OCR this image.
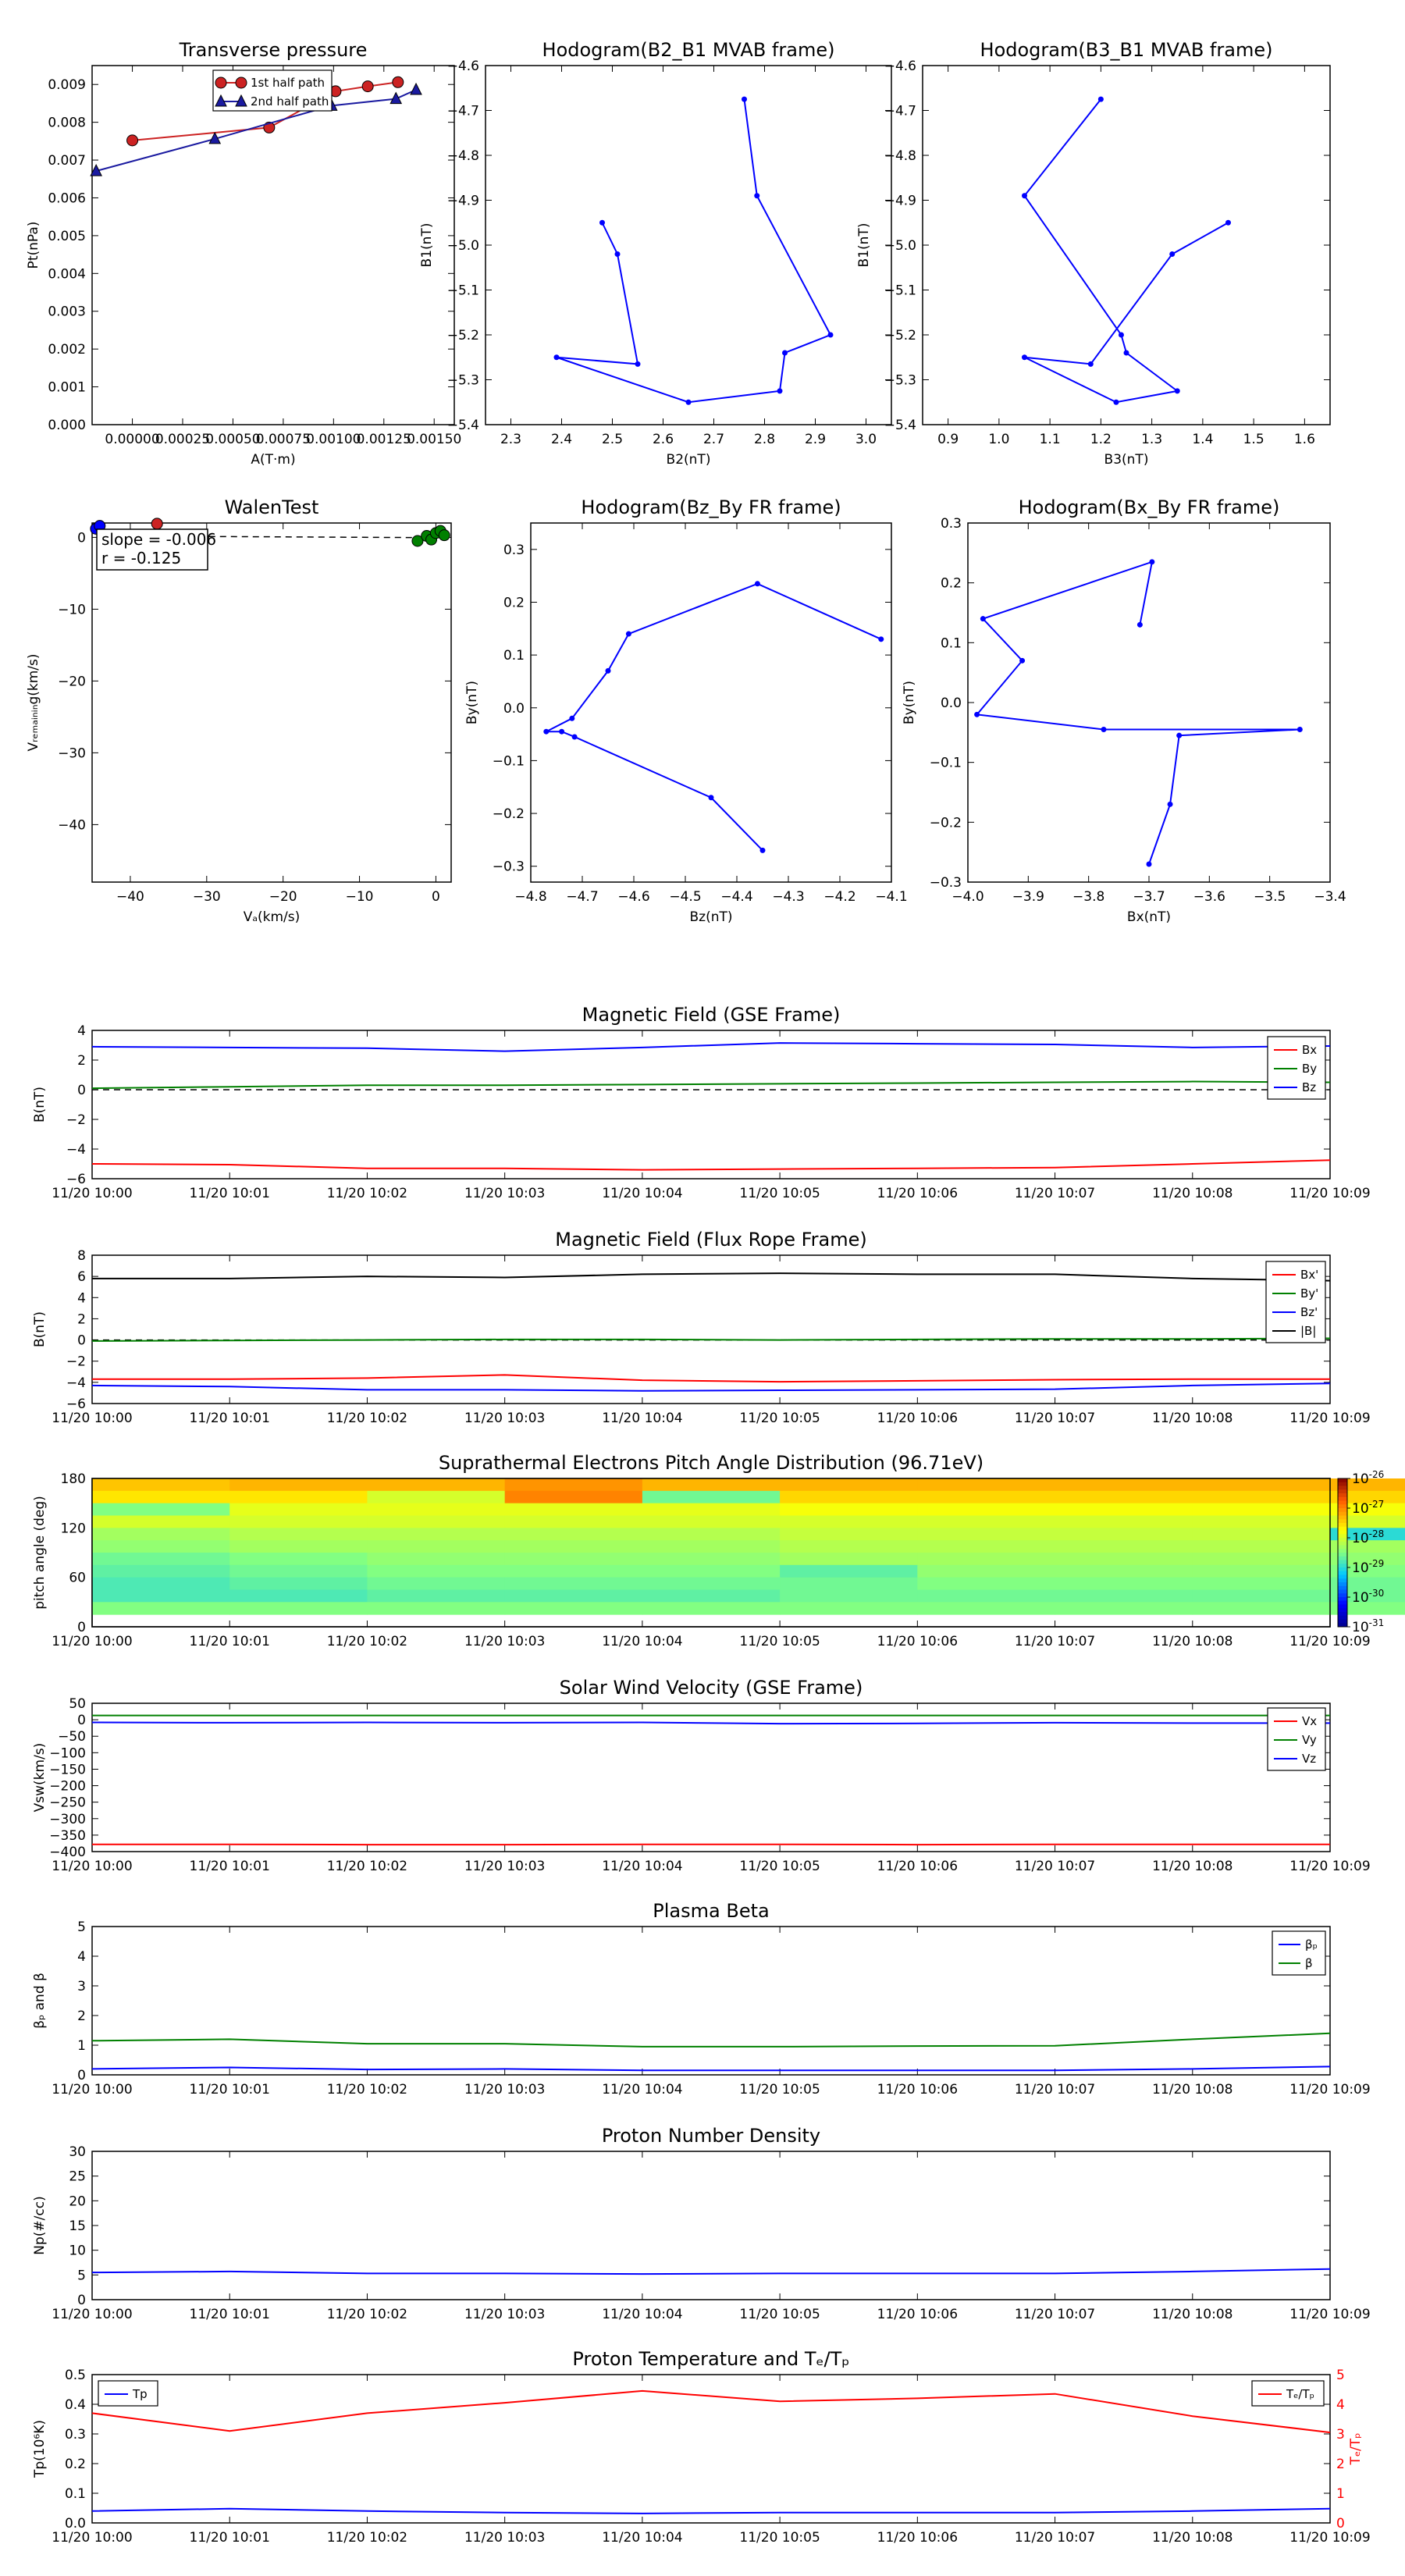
Transverse pressure
A(T·m)
Pt(nPa)
0.000
0.001
0.002
0.003
0.004
0.005
0.006
0.007
0.008
0.009
0.00000
0.00025
0.00050
0.00075
0.00100
0.00125
0.00150
1st half path
2nd half path
Hodogram(B2_B1 MVAB frame)
B2(nT)
B1(nT)
−4.6
−4.7
−4.8
−4.9
−5.0
−5.1
−5.2
−5.3
−5.4
2.3 2.4 2.5 2.6 2.7 2.8 2.9 3.0
Hodogram(B3_B1 MVAB frame)
B3(nT)
B1(nT)
−4.6
−4.7
−4.8
−4.9
−5.0
−5.1
−5.2
−5.3
−5.4
0.9 1.0 1.1 1.2 1.3 1.4 1.5 1.6
WalenTest
Vₐ(km/s)
Vᵣₑₘₐᵢₙᵢₙg(km/s)
0
−10
−20
−30
−40
−40	−30	−20	−10	0
slope = -0.006
r = -0.125
Hodogram(Bz_By FR frame)
Bz(nT)
By(nT)
0.3
0.2
0.1
0.0
−0.1
−0.2
−0.3
−4.8 −4.7 −4.6 −4.5 −4.4 −4.3 −4.2 −4.1
Hodogram(Bx_By FR frame)
Bx(nT)
By(nT)
0.3
0.2
0.1
0.0
−0.1
−0.2
−0.3
−4.0 −3.9 −3.8 −3.7 −3.6 −3.5 −3.4
Magnetic Field (GSE Frame)
B(nT)
4
2
0
−2
−4
−6
11/20 10:00	11/20 10:01	11/20 10:02	11/20 10:03	11/20 10:04	11/20 10:05	11/20 10:06	11/20 10:07	11/20 10:08	11/20 10:09
Bx
By
Bz
Magnetic Field (Flux Rope Frame)
B(nT)
8
6
4
2
0
−2
−4
−6
11/20 10:00	11/20 10:01	11/20 10:02	11/20 10:03	11/20 10:04	11/20 10:05	11/20 10:06	11/20 10:07	11/20 10:08	11/20 10:09
Bx'
By'
Bz'
|B|
Suprathermal Electrons Pitch Angle Distribution (96.71eV)
pitch angle (deg)
180
120
60
0
11/20 10:00	11/20 10:01	11/20 10:02	11/20 10:03	11/20 10:04	11/20 10:05	11/20 10:06	11/20 10:07	11/20 10:08	11/20 10:09
$10^{-26}$
$10^{-27}$
$10^{-28}$
$10^{-29}$
$10^{-30}$
$10^{-31}$
Solar Wind Velocity (GSE Frame)
Vsw(km/s)
50
0
−50
−100
−150
−200
−250
−300
−350
−400
11/20 10:00	11/20 10:01	11/20 10:02	11/20 10:03	11/20 10:04	11/20 10:05	11/20 10:06	11/20 10:07	11/20 10:08	11/20 10:09
Vx
Vy
Vz
Plasma Beta
βₚ and β
5
4
3
2
1
0
11/20 10:00	11/20 10:01	11/20 10:02	11/20 10:03	11/20 10:04	11/20 10:05	11/20 10:06	11/20 10:07	11/20 10:08	11/20 10:09
βₚ
β
Proton Number Density
Np(#/cc)
30
25
20
15
10
5
0
11/20 10:00	11/20 10:01	11/20 10:02	11/20 10:03	11/20 10:04	11/20 10:05	11/20 10:06	11/20 10:07	11/20 10:08	11/20 10:09
Proton Temperature and Tₑ/Tₚ
Tp(10⁶K)
0.5
0.4
0.3
0.2
0.1
0.0
11/20 10:00	11/20 10:01	11/20 10:02	11/20 10:03	11/20 10:04	11/20 10:05	11/20 10:06	11/20 10:07	11/20 10:08	11/20 10:09
5
4
3
2
1
0
Tₑ/Tₚ
Tp	Tₑ/Tₚ
